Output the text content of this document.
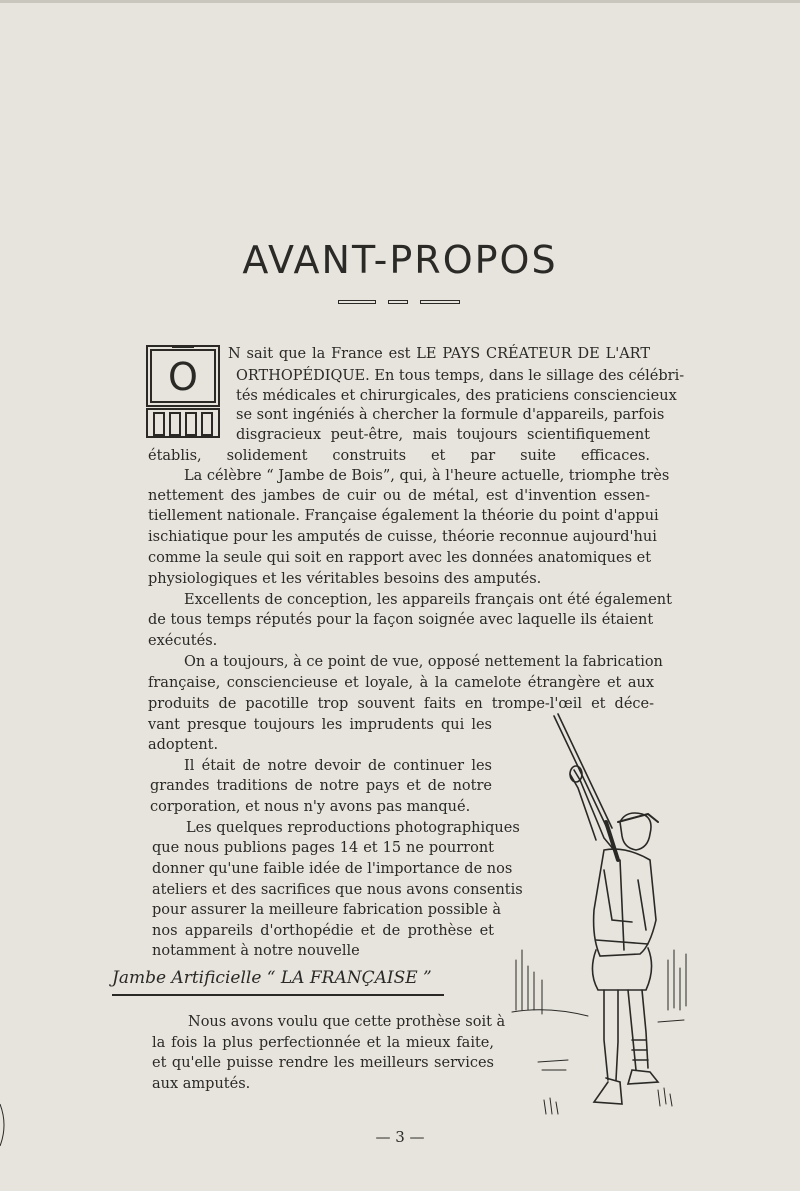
AVANT-PROPOS
O
N sait que la France est LE PAYS CRÉATEUR DE L'ART
ORTHOPÉDIQUE. En tous temps, dans le sillage des célébri-
tés médicales et chirurgicales, des praticiens consciencieux
se sont ingéniés à chercher la formule d'appareils, parfois
disgracieux peut-être, mais toujours scientifiquement
établis, solidement construits et par suite efficaces.
La célèbre “ Jambe de Bois”, qui, à l'heure actuelle, triomphe très
nettement des jambes de cuir ou de métal, est d'invention essen-
tiellement nationale. Française également la théorie du point d'appui
ischiatique pour les amputés de cuisse, théorie reconnue aujourd'hui
comme la seule qui soit en rapport avec les données anatomiques et
physiologiques et les véritables besoins des amputés.
Excellents de conception, les appareils français ont été également
de tous temps réputés pour la façon soignée avec laquelle ils étaient
exécutés.
On a toujours, à ce point de vue, opposé nettement la fabrication
française, consciencieuse et loyale, à la camelote étrangère et aux
produits de pacotille trop souvent faits en trompe-l'œil et déce-
vant presque toujours les imprudents qui les
adoptent.
Il était de notre devoir de continuer les
grandes traditions de notre pays et de notre
corporation, et nous n'y avons pas manqué.
Les quelques reproductions photographiques
que nous publions pages 14 et 15 ne pourront
donner qu'une faible idée de l'importance de nos
ateliers et des sacrifices que nous avons consentis
pour assurer la meilleure fabrication possible à
nos appareils d'orthopédie et de prothèse et
notamment à notre nouvelle
Jambe Artificielle “ LA FRANÇAISE ”
Nous avons voulu que cette prothèse soit à
la fois la plus perfectionnée et la mieux faite,
et qu'elle puisse rendre les meilleurs services
aux amputés.
— 3 —
